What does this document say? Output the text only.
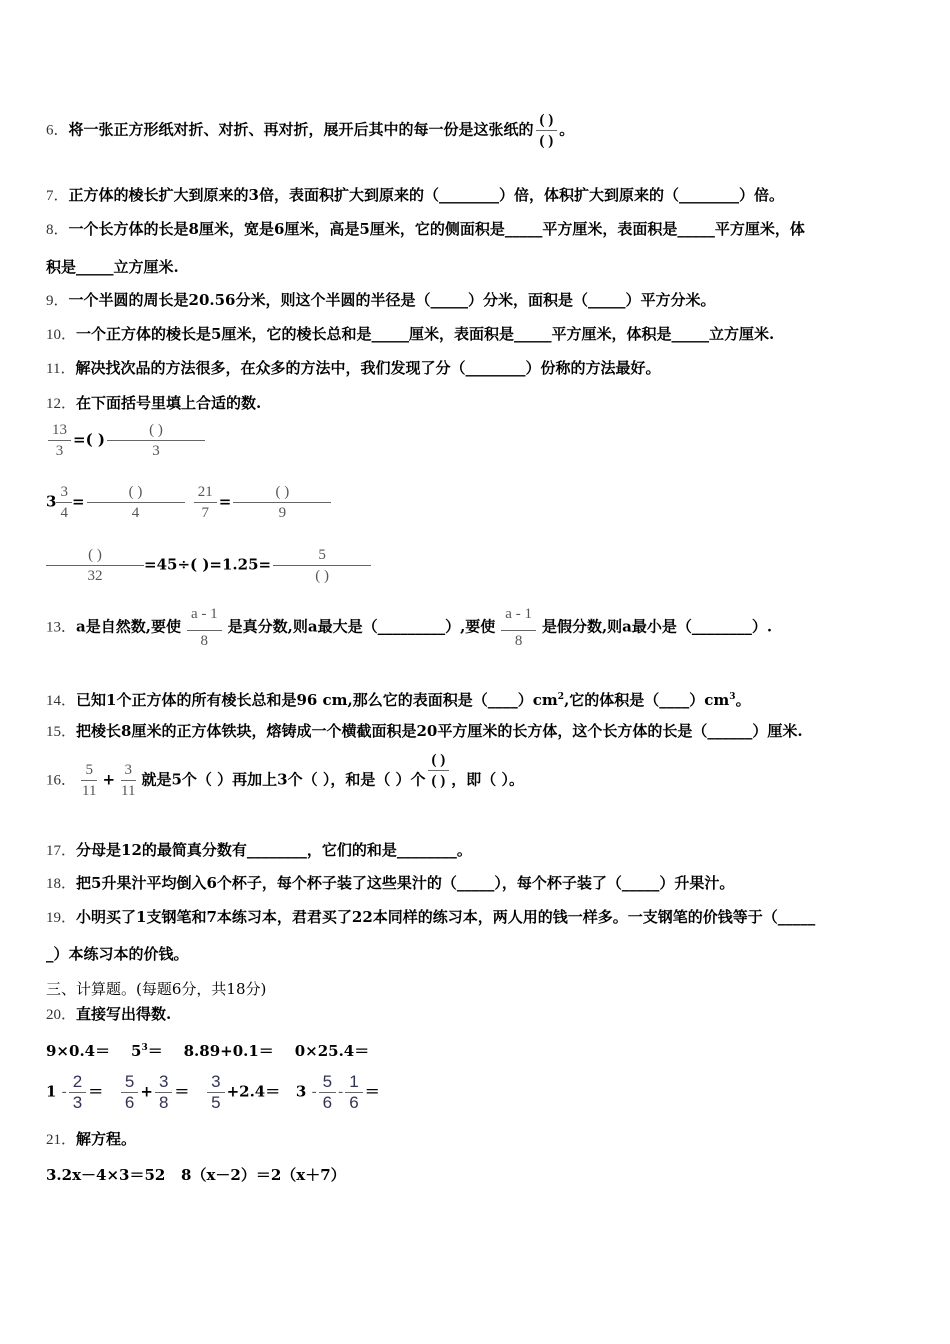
6．将一张正方形纸对折、对折、再对折，展开后其中的每一份是这张纸的 $\frac{( )}{( )}$ 。
7．正方体的棱长扩大到原来的3倍，表面积扩大到原来的（________）倍，体积扩大到原来的（________）倍。
8．一个长方体的长是8厘米，宽是6厘米，高是5厘米，它的侧面积是_____平方厘米，表面积是_____平方厘米，体
积是_____立方厘米.
9．一个半圆的周长是20.56分米，则这个半圆的半径是（_____）分米，面积是（_____）平方分米。
10．一个正方体的棱长是5厘米，它的棱长总和是_____厘米，表面积是_____平方厘米，体积是_____立方厘米.
11．解决找次品的方法很多，在众多的方法中，我们发现了分（________）份称的方法最好。
12．在下面括号里填上合适的数.
$\frac{13}{3}$ =( ) $\frac{( )}{3}$
$3 \frac{3}{4} = \frac{( )}{4}$
$\frac{21}{7} = \frac{( )}{9}$
$\frac{( )}{32} =45\div$( )$=1.25= \frac{5}{( )}$
13．a是自然数,要使 $\frac{a - 1}{8}$ 是真分数,则a最大是（_________）,要使 $\frac{a - 1}{8}$ 是假分数,则a最小是（________）.
14．已知1个正方体的所有棱长总和是96 cm,那么它的表面积是$(\_\_\_\_)cm^2$,它的体积是$(\_\_\_\_)cm^3$。
15．把棱长8厘米的正方体铁块，熔铸成一个横截面积是20平方厘米的长方体，这个长方体的长是（______）厘米.
16． $\frac{5}{11} + \frac{3}{11}$ 就是5个（ ）再加上3个（ ），和是（ ）个 $\frac{( )}{( )}$ ，即（ ）。
17．分母是12的最简真分数有________，它们的和是________。
18．把5升果汁平均倒入6个杯子，每个杯子装了这些果汁的（_____），每个杯子装了（_____）升果汁。
19．小明买了1支钢笔和7本练习本，君君买了22本同样的练习本，两人用的钱一样多。一支钢笔的价钱等于（_____
_）本练习本的价钱。
三、计算题。(每题6分，共18分)
20．直接写出得数.
$9\times 0.4= 5^3= 8.89+0.1= 0\times 25.4=$
$1 - \frac{2}{3} = \frac{5}{6} + \frac{3}{8} = \frac{3}{5} +2.4= 3 - \frac{5}{6} - \frac{1}{6}$ ＝
21．解方程。
3.2x－4×3＝52   8（x－2）＝2（x＋7）
